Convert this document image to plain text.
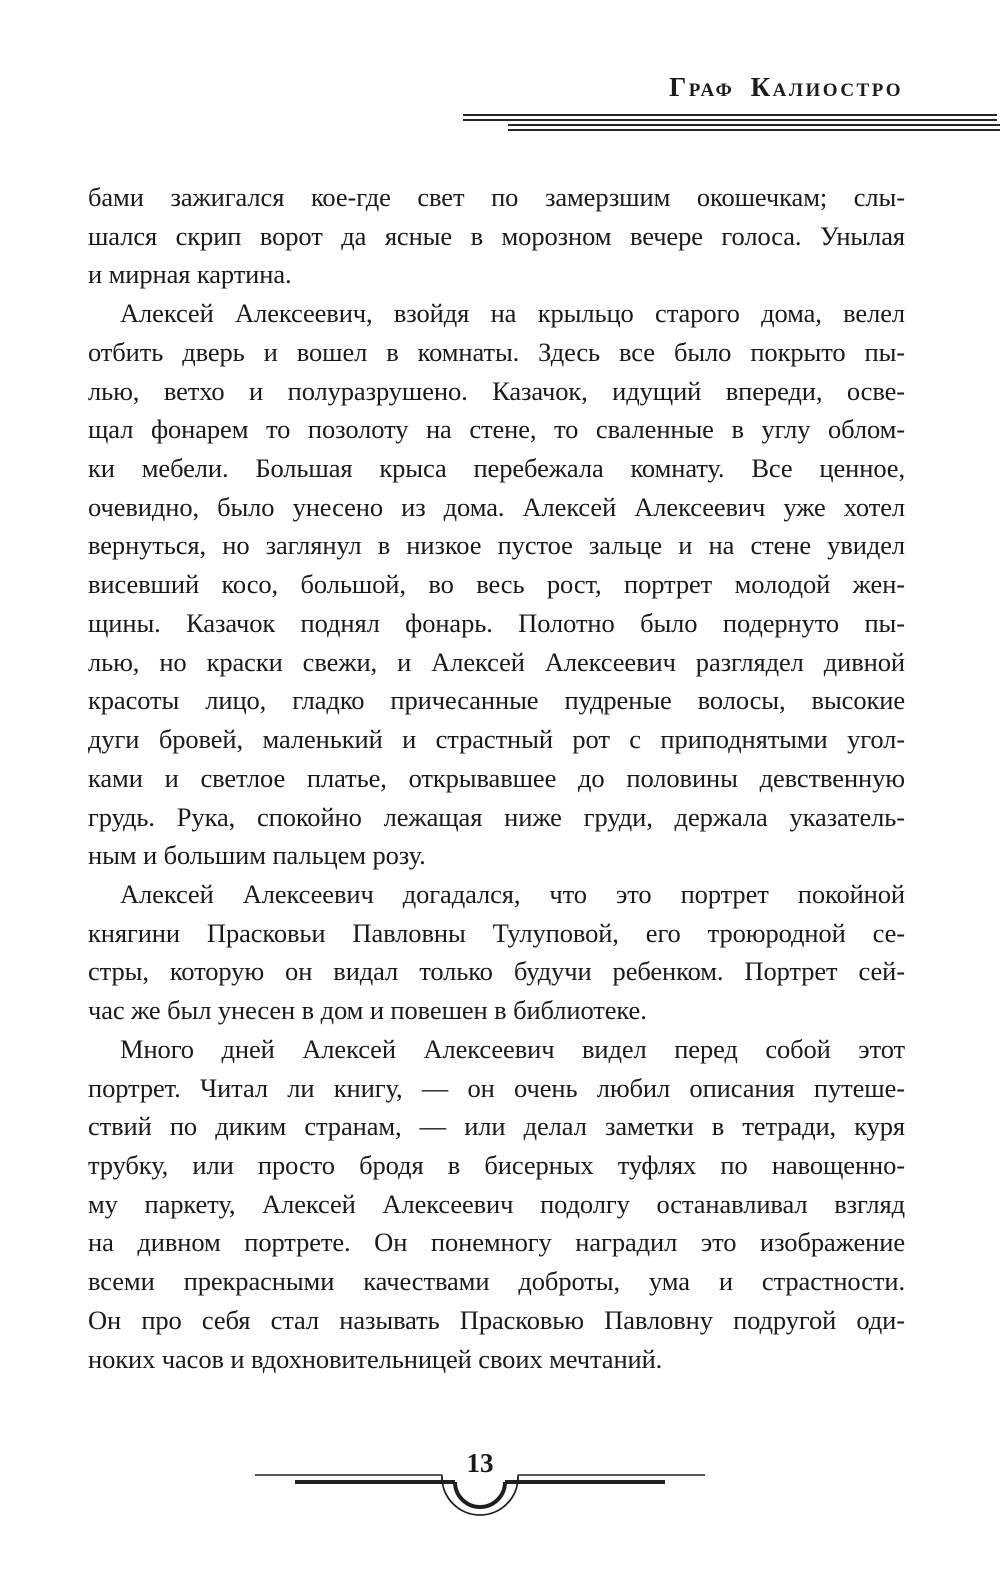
Граф Калиостро
бами зажигался кое-где свет по замерзшим окошечкам; слы-
шался скрип ворот да ясные в морозном вечере голоса. Унылая
и мирная картина.
Алексей Алексеевич, взойдя на крыльцо старого дома, велел
отбить дверь и вошел в комнаты. Здесь все было покрыто пы-
лью, ветхо и полуразрушено. Казачок, идущий впереди, осве-
щал фонарем то позолоту на стене, то сваленные в углу облом-
ки мебели. Большая крыса перебежала комнату. Все ценное,
очевидно, было унесено из дома. Алексей Алексеевич уже хотел
вернуться, но заглянул в низкое пустое зальце и на стене увидел
висевший косо, большой, во весь рост, портрет молодой жен-
щины. Казачок поднял фонарь. Полотно было подернуто пы-
лью, но краски свежи, и Алексей Алексеевич разглядел дивной
красоты лицо, гладко причесанные пудреные волосы, высокие
дуги бровей, маленький и страстный рот с приподнятыми угол-
ками и светлое платье, открывавшее до половины девственную
грудь. Рука, спокойно лежащая ниже груди, держала указатель-
ным и большим пальцем розу.
Алексей Алексеевич догадался, что это портрет покойной
княгини Прасковьи Павловны Тулуповой, его троюродной се-
стры, которую он видал только будучи ребенком. Портрет сей-
час же был унесен в дом и повешен в библиотеке.
Много дней Алексей Алексеевич видел перед собой этот
портрет. Читал ли книгу, — он очень любил описания путеше-
ствий по диким странам, — или делал заметки в тетради, куря
трубку, или просто бродя в бисерных туфлях по навощенно-
му паркету, Алексей Алексеевич подолгу останавливал взгляд
на дивном портрете. Он понемногу наградил это изображение
всеми прекрасными качествами доброты, ума и страстности.
Он про себя стал называть Прасковью Павловну подругой оди-
ноких часов и вдохновительницей своих мечтаний.
13
